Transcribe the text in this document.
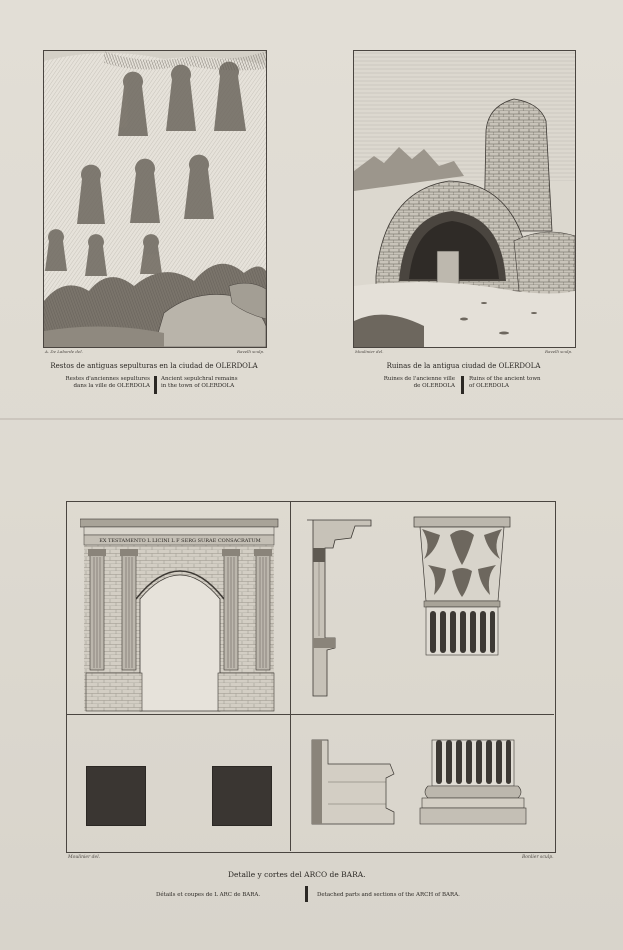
A. De Laborde del.	Ravelli sculp.
Restos de antiguas sepulturas en la ciudad de OLERDOLA
Restes d'anciennes sepultures
dans la ville de OLERDOLA
Ancient sepulchral remains
in the town of OLERDOLA
Moulinier del.	Ravelli sculp.
Ruinas de la antigua ciudad de OLERDOLA
Ruines de l'ancienne ville
de OLERDOLA
Ruins of the ancient town
of OLERDOLA
EX TESTAMENTO L LICINI L F SERG SURAE CONSACRATUM
Moulinier del.	Bonlier sculp.
Detalle y cortes del ARCO de BARA.
Détails et coupes de L ARC de BARA.	Detached parts and sections of the ARCH of BARA.
